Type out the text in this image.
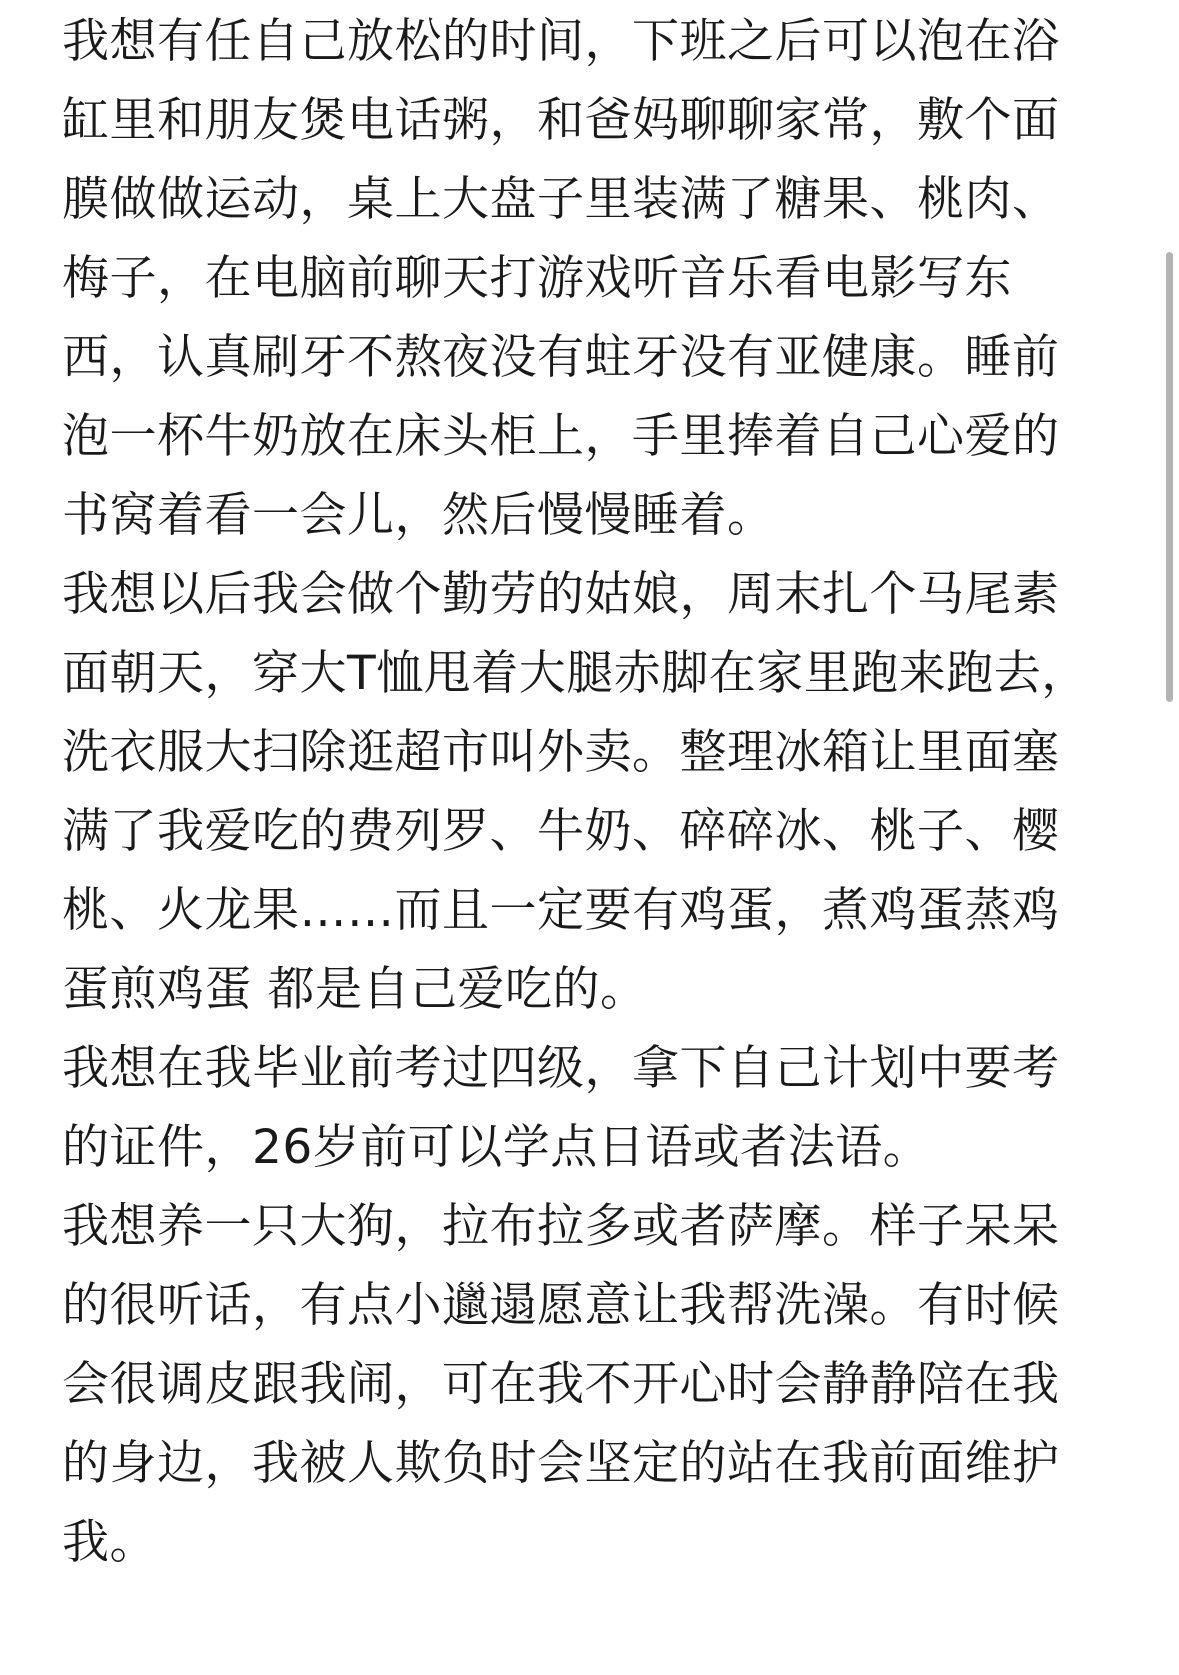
我想有任自己放松的时间，下班之后可以泡在浴
缸里和朋友煲电话粥，和爸妈聊聊家常，敷个面
膜做做运动，桌上大盘子里装满了糖果、桃肉、
梅子，在电脑前聊天打游戏听音乐看电影写东
西，认真刷牙不熬夜没有蛀牙没有亚健康。睡前
泡一杯牛奶放在床头柜上，手里捧着自己心爱的
书窝着看一会儿，然后慢慢睡着。
我想以后我会做个勤劳的姑娘，周末扎个马尾素
面朝天，穿大T恤甩着大腿赤脚在家里跑来跑去，
洗衣服大扫除逛超市叫外卖。整理冰箱让里面塞
满了我爱吃的费列罗、牛奶、碎碎冰、桃子、樱
桃、火龙果……而且一定要有鸡蛋，煮鸡蛋蒸鸡
蛋煎鸡蛋 都是自己爱吃的。
我想在我毕业前考过四级，拿下自己计划中要考
的证件，26岁前可以学点日语或者法语。
我想养一只大狗，拉布拉多或者萨摩。样子呆呆
的很听话，有点小邋遢愿意让我帮洗澡。有时候
会很调皮跟我闹，可在我不开心时会静静陪在我
的身边，我被人欺负时会坚定的站在我前面维护
我。
